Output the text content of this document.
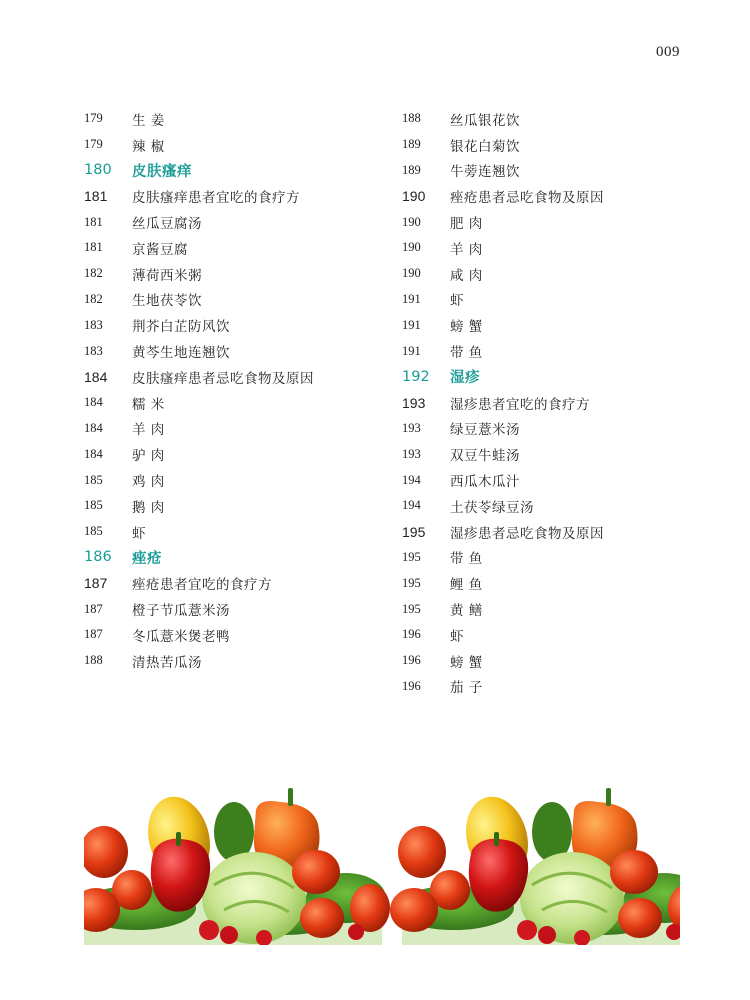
009
179	生 姜
179	辣 椒
180	皮肤瘙痒
181	皮肤瘙痒患者宜吃的食疗方
181	丝瓜豆腐汤
181	京酱豆腐
182	薄荷西米粥
182	生地茯苓饮
183	荆芥白芷防风饮
183	黄芩生地连翘饮
184	皮肤瘙痒患者忌吃食物及原因
184	糯 米
184	羊 肉
184	驴 肉
185	鸡 肉
185	鹅 肉
185	虾
186	痤疮
187	痤疮患者宜吃的食疗方
187	橙子节瓜薏米汤
187	冬瓜薏米煲老鸭
188	清热苦瓜汤
188	丝瓜银花饮
189	银花白菊饮
189	牛蒡连翘饮
190	痤疮患者忌吃食物及原因
190	肥 肉
190	羊 肉
190	咸 肉
191	虾
191	螃 蟹
191	带 鱼
192	湿疹
193	湿疹患者宜吃的食疗方
193	绿豆薏米汤
193	双豆牛蛙汤
194	西瓜木瓜汁
194	土茯苓绿豆汤
195	湿疹患者忌吃食物及原因
195	带 鱼
195	鲤 鱼
195	黄 鳝
196	虾
196	螃 蟹
196	茄 子
